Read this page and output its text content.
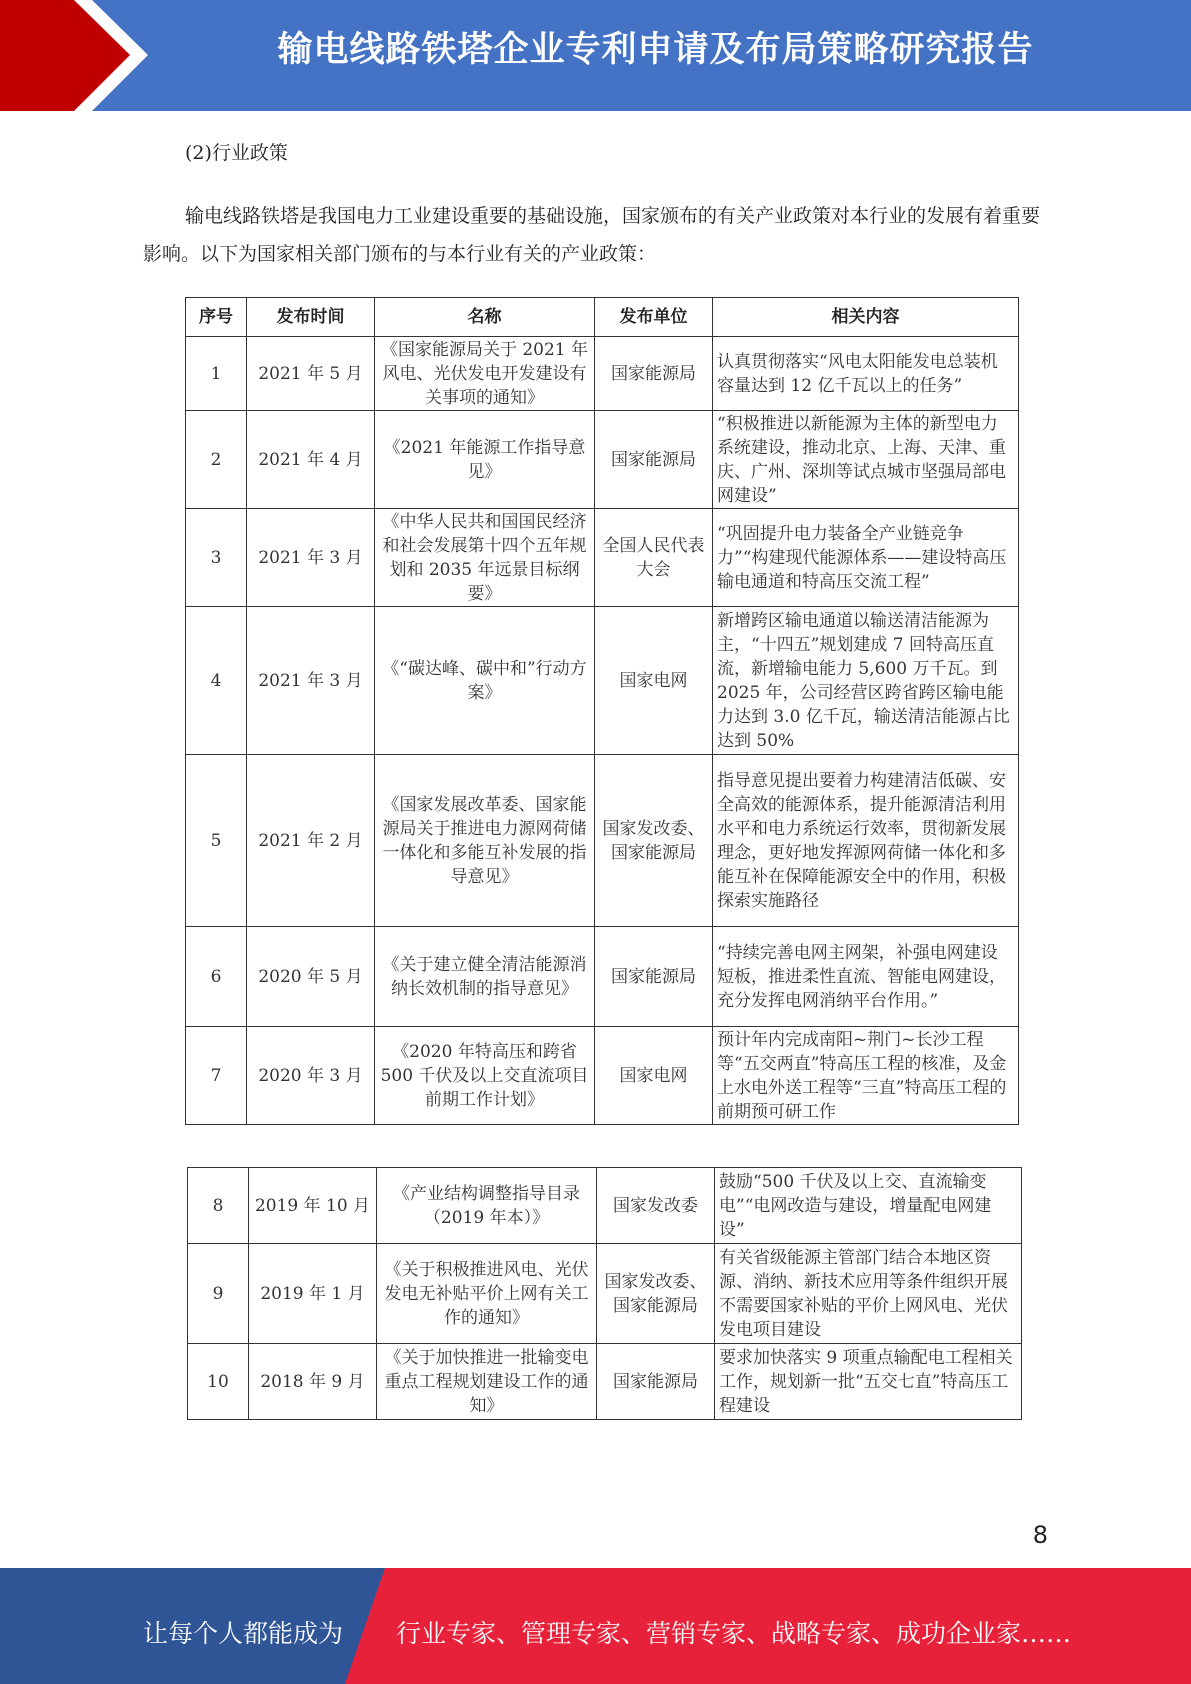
输电线路铁塔企业专利申请及布局策略研究报告
(2)行业政策
输电线路铁塔是我国电力工业建设重要的基础设施，国家颁布的有关产业政策对本行业的发展有着重要影响。以下为国家相关部门颁布的与本行业有关的产业政策：
序号	发布时间	名称	发布单位	相关内容
1	2021 年 5 月	《国家能源局关于 2021 年风电、光伏发电开发建设有关事项的通知》	国家能源局	认真贯彻落实“风电太阳能发电总装机容量达到 12 亿千瓦以上的任务”
2	2021 年 4 月	《2021 年能源工作指导意见》	国家能源局	“积极推进以新能源为主体的新型电力系统建设，推动北京、上海、天津、重庆、广州、深圳等试点城市坚强局部电网建设”
3	2021 年 3 月	《中华人民共和国国民经济和社会发展第十四个五年规划和 2035 年远景目标纲要》	全国人民代表大会	“巩固提升电力装备全产业链竞争力”“构建现代能源体系——建设特高压输电通道和特高压交流工程”
4	2021 年 3 月	《“碳达峰、碳中和”行动方案》	国家电网	新增跨区输电通道以输送清洁能源为主，“十四五”规划建成 7 回特高压直流，新增输电能力 5,600 万千瓦。到 2025 年，公司经营区跨省跨区输电能力达到 3.0 亿千瓦，输送清洁能源占比达到 50%
5	2021 年 2 月	《国家发展改革委、国家能源局关于推进电力源网荷储一体化和多能互补发展的指导意见》	国家发改委、国家能源局	指导意见提出要着力构建清洁低碳、安全高效的能源体系，提升能源清洁利用水平和电力系统运行效率，贯彻新发展理念，更好地发挥源网荷储一体化和多能互补在保障能源安全中的作用，积极探索实施路径
6	2020 年 5 月	《关于建立健全清洁能源消纳长效机制的指导意见》	国家能源局	“持续完善电网主网架，补强电网建设短板，推进柔性直流、智能电网建设，充分发挥电网消纳平台作用。”
7	2020 年 3 月	《2020 年特高压和跨省 500 千伏及以上交直流项目前期工作计划》	国家电网	预计年内完成南阳~荆门~长沙工程等“五交两直”特高压工程的核准，及金上水电外送工程等“三直”特高压工程的前期预可研工作
8	2019 年 10 月	《产业结构调整指导目录（2019 年本）》	国家发改委	鼓励“500 千伏及以上交、直流输变电”“电网改造与建设，增量配电网建设”
9	2019 年 1 月	《关于积极推进风电、光伏发电无补贴平价上网有关工作的通知》	国家发改委、国家能源局	有关省级能源主管部门结合本地区资源、消纳、新技术应用等条件组织开展不需要国家补贴的平价上网风电、光伏发电项目建设
10	2018 年 9 月	《关于加快推进一批输变电重点工程规划建设工作的通知》	国家能源局	要求加快落实 9 项重点输配电工程相关工作，规划新一批“五交七直”特高压工程建设
8
让每个人都能成为 行业专家、管理专家、营销专家、战略专家、成功企业家……
